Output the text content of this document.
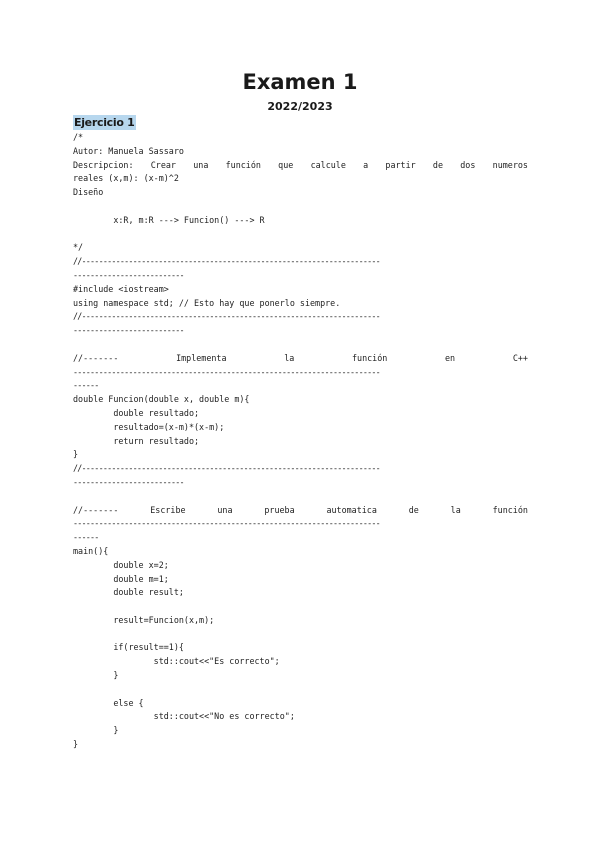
Examen 1
2022/2023
Ejercicio 1
/*
Autor: Manuela Sassaro
Descripcion: Crear una función que calcule a partir de dos numeros
reales (x,m): (x-m)^2
Diseño
x:R, m:R ---> Funcion() ---> R
*/
//----------------------------------------------------------------------
--------------------------
#include <iostream>
using namespace std; // Esto hay que ponerlo siempre.
//----------------------------------------------------------------------
--------------------------
//-------	Implementa	la	función	en	C++
------------------------------------------------------------------------
------
double Funcion(double x, double m){
double resultado;
resultado=(x-m)*(x-m);
return resultado;
}
//----------------------------------------------------------------------
--------------------------
//-------	Escribe	una	prueba	automatica	de	la	función
------------------------------------------------------------------------
------
main(){
double x=2;
double m=1;
double result;
result=Funcion(x,m);
if(result==1){
std::cout<<"Es correcto";
}
else {
std::cout<<"No es correcto";
}
}
